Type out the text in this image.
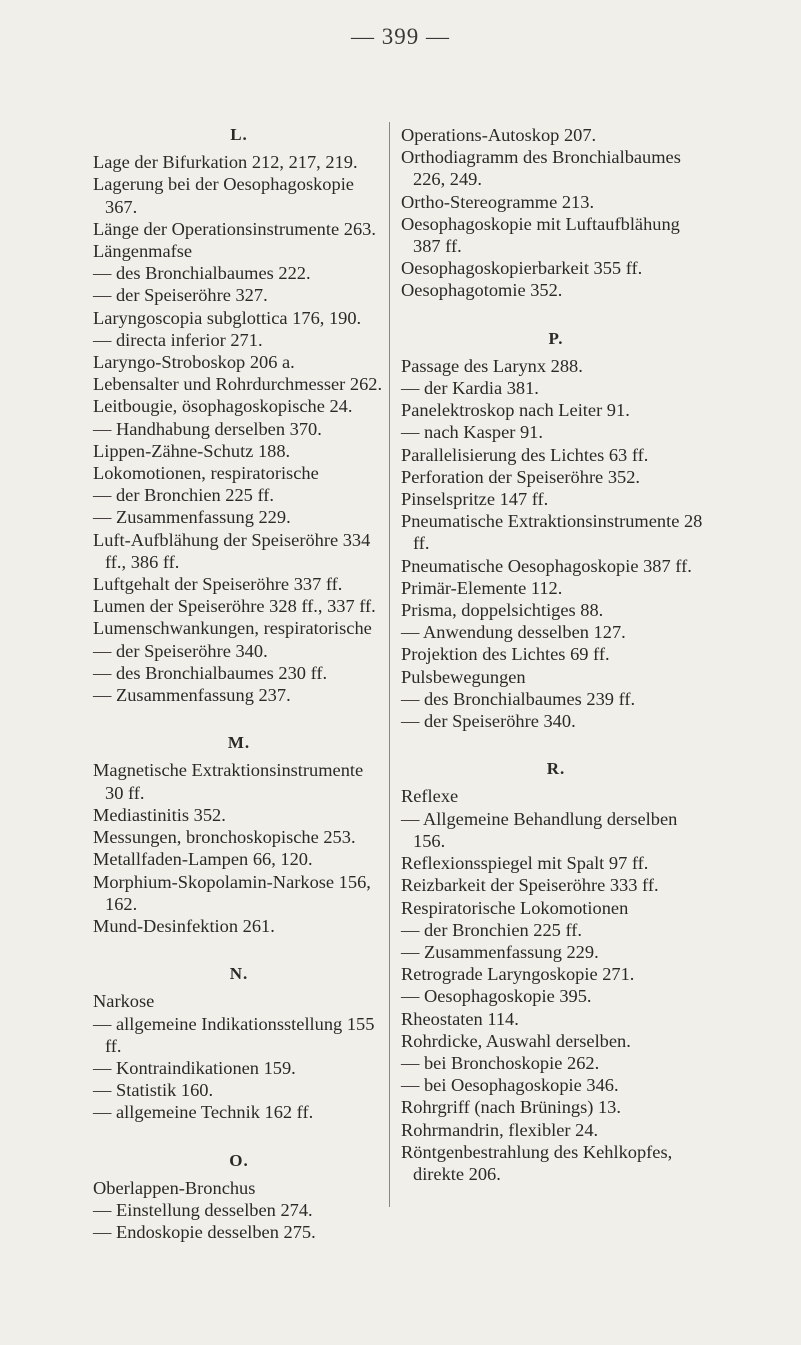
— 399 —
L.
Lage der Bifurkation 212, 217, 219.
Lagerung bei der Oesophagoskopie 367.
Länge der Operationsinstrumente 263.
Längenmafse
— des Bronchialbaumes 222.
— der Speiseröhre 327.
Laryngoscopia subglottica 176, 190.
— directa inferior 271.
Laryngo-Stroboskop 206 a.
Lebensalter und Rohrdurchmesser 262.
Leitbougie, ösophagoskopische 24.
— Handhabung derselben 370.
Lippen-Zähne-Schutz 188.
Lokomotionen, respiratorische
— der Bronchien 225 ff.
— Zusammenfassung 229.
Luft-Aufblähung der Speiseröhre 334 ff., 386 ff.
Luftgehalt der Speiseröhre 337 ff.
Lumen der Speiseröhre 328 ff., 337 ff.
Lumenschwankungen, respiratorische
— der Speiseröhre 340.
— des Bronchialbaumes 230 ff.
— Zusammenfassung 237.
M.
Magnetische Extraktionsinstrumente 30 ff.
Mediastinitis 352.
Messungen, bronchoskopische 253.
Metallfaden-Lampen 66, 120.
Morphium-Skopolamin-Narkose 156, 162.
Mund-Desinfektion 261.
N.
Narkose
— allgemeine Indikationsstellung 155 ff.
— Kontraindikationen 159.
— Statistik 160.
— allgemeine Technik 162 ff.
O.
Oberlappen-Bronchus
— Einstellung desselben 274.
— Endoskopie desselben 275.
Operations-Autoskop 207.
Orthodiagramm des Bronchialbaumes 226, 249.
Ortho-Stereogramme 213.
Oesophagoskopie mit Luftaufblähung 387 ff.
Oesophagoskopierbarkeit 355 ff.
Oesophagotomie 352.
P.
Passage des Larynx 288.
— der Kardia 381.
Panelektroskop nach Leiter 91.
— nach Kasper 91.
Parallelisierung des Lichtes 63 ff.
Perforation der Speiseröhre 352.
Pinselspritze 147 ff.
Pneumatische Extraktionsinstrumente 28 ff.
Pneumatische Oesophagoskopie 387 ff.
Primär-Elemente 112.
Prisma, doppelsichtiges 88.
— Anwendung desselben 127.
Projektion des Lichtes 69 ff.
Pulsbewegungen
— des Bronchialbaumes 239 ff.
— der Speiseröhre 340.
R.
Reflexe
— Allgemeine Behandlung derselben 156.
Reflexionsspiegel mit Spalt 97 ff.
Reizbarkeit der Speiseröhre 333 ff.
Respiratorische Lokomotionen
— der Bronchien 225 ff.
— Zusammenfassung 229.
Retrograde Laryngoskopie 271.
— Oesophagoskopie 395.
Rheostaten 114.
Rohrdicke, Auswahl derselben.
— bei Bronchoskopie 262.
— bei Oesophagoskopie 346.
Rohrgriff (nach Brünings) 13.
Rohrmandrin, flexibler 24.
Röntgenbestrahlung des Kehlkopfes, direkte 206.
